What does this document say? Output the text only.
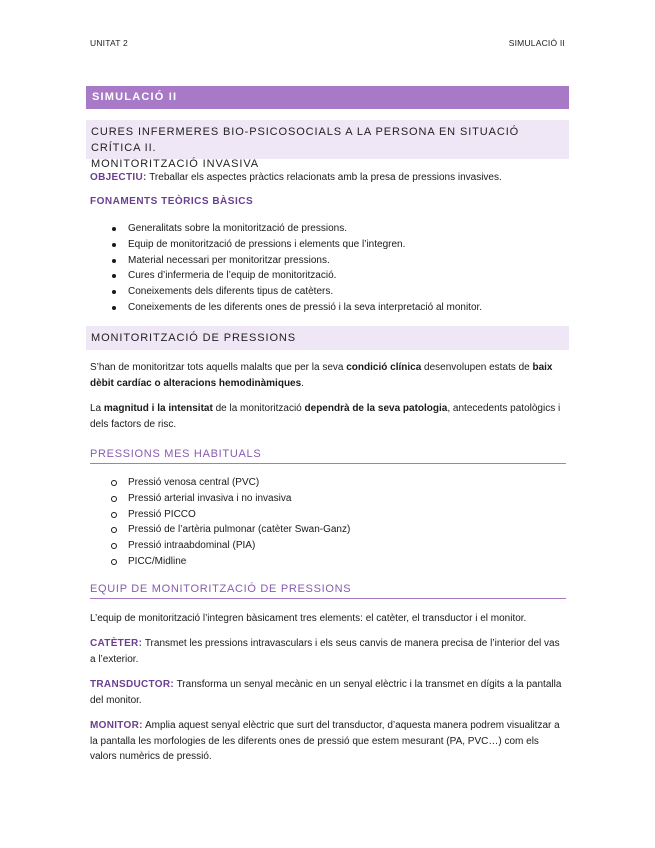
UNITAT 2	SIMULACIÓ II
SIMULACIÓ II
CURES INFERMERES BIO-PSICOSOCIALS A LA PERSONA EN SITUACIÓ CRÍTICA II.
MONITORITZACIÓ INVASIVA
OBJECTIU: Treballar els aspectes pràctics relacionats amb la presa de pressions invasives.
FONAMENTS TEÒRICS BÀSICS
Generalitats sobre la monitorització de pressions.
Equip de monitorització de pressions i elements que l’integren.
Material necessari per monitoritzar pressions.
Cures d’infermeria de l’equip de monitorització.
Coneixements dels diferents tipus de catèters.
Coneixements de les diferents ones de pressió i la seva interpretació al monitor.
MONITORITZACIÓ DE PRESSIONS
S’han de monitoritzar tots aquells malalts que per la seva condició clínica desenvolupen estats de baix dèbit cardíac o alteracions hemodinàmiques.
La magnitud i la intensitat de la monitorització dependrà de la seva patologia, antecedents patològics i dels factors de risc.
PRESSIONS MES HABITUALS
Pressió venosa central (PVC)
Pressió arterial invasiva i no invasiva
Pressió PICCO
Pressió de l’artèria pulmonar (catèter Swan-Ganz)
Pressió intraabdominal (PIA)
PICC/Midline
EQUIP DE MONITORITZACIÓ DE PRESSIONS
L’equip de monitorització l’integren bàsicament tres elements: el catèter, el transductor i el monitor.
CATÈTER: Transmet les pressions intravasculars i els seus canvis de manera precisa de l’interior del vas a l’exterior.
TRANSDUCTOR: Transforma un senyal mecànic en un senyal elèctric i la transmet en dígits a la pantalla del monitor.
MONITOR: Amplia aquest senyal elèctric que surt del transductor, d’aquesta manera podrem visualitzar a la pantalla les morfologies de les diferents ones de pressió que estem mesurant (PA, PVC…) com els valors numèrics de pressió.
